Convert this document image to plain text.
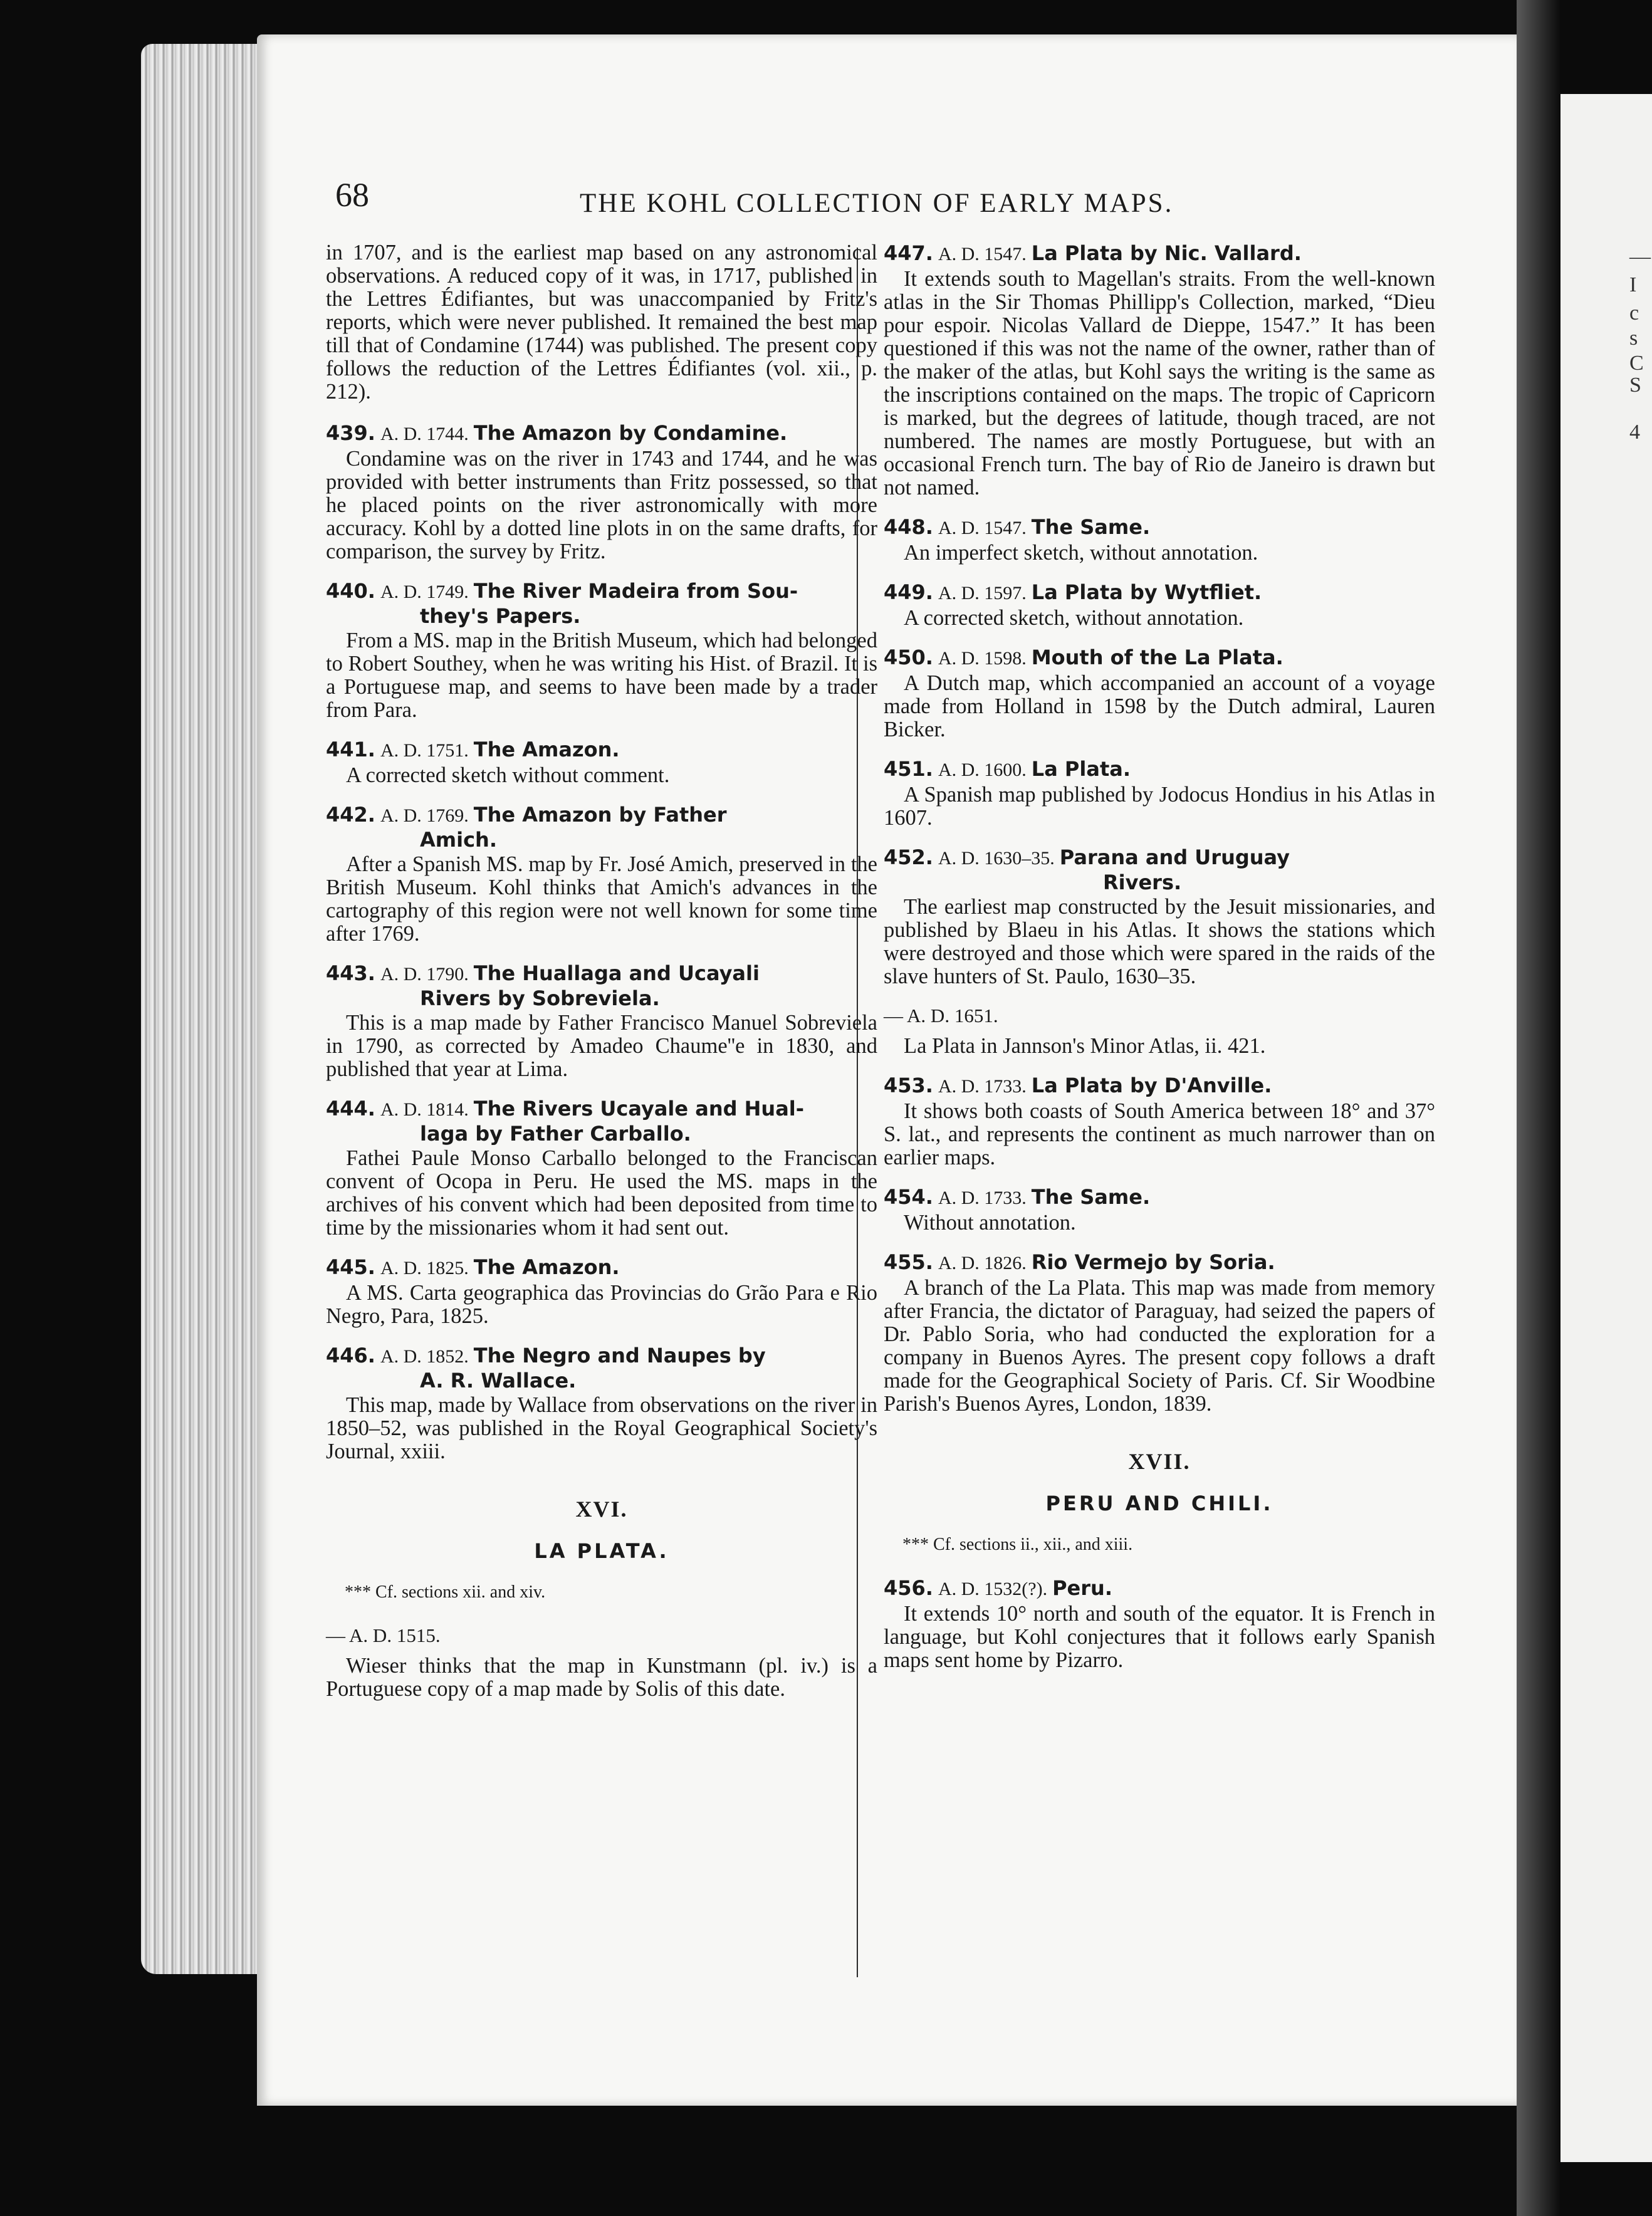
—
I
c
s
C
S
4
68	THE KOHL COLLECTION OF EARLY MAPS.

in 1707, and is the earliest map based on any astronomical observations. A reduced copy of it was, in 1717, published in the Lettres Édifiantes, but was unaccompanied by Fritz's reports, which were never published. It remained the best map till that of Condamine (1744) was published. The present copy follows the reduction of the Lettres Édifiantes (vol. xii., p. 212).

439. A. D. 1744. The Amazon by Condamine.

Condamine was on the river in 1743 and 1744, and he was provided with better instruments than Fritz possessed, so that he placed points on the river astronomically with more accuracy. Kohl by a dotted line plots in on the same drafts, for comparison, the survey by Fritz.

440. A. D. 1749. The River Madeira from Sou-
they's Papers.

From a MS. map in the British Museum, which had belonged to Robert Southey, when he was writing his Hist. of Brazil. It is a Portuguese map, and seems to have been made by a trader from Para.

441. A. D. 1751. The Amazon.

A corrected sketch without comment.

442. A. D. 1769. The Amazon by Father
Amich.

After a Spanish MS. map by Fr. José Amich, preserved in the British Museum. Kohl thinks that Amich's advances in the cartography of this region were not well known for some time after 1769.

443. A. D. 1790. The Huallaga and Ucayali
Rivers by Sobreviela.

This is a map made by Father Francisco Manuel Sobreviela in 1790, as corrected by Amadeo Chaume''e in 1830, and published that year at Lima.

444. A. D. 1814. The Rivers Ucayale and Hual-
laga by Father Carballo.

Fathei Paule Monso Carballo belonged to the Franciscan convent of Ocopa in Peru. He used the MS. maps in the archives of his convent which had been deposited from time to time by the missionaries whom it had sent out.

445. A. D. 1825. The Amazon.

A MS. Carta geographica das Provincias do Grão Para e Rio Negro, Para, 1825.

446. A. D. 1852. The Negro and Naupes by
A. R. Wallace.

This map, made by Wallace from observations on the river in 1850–52, was published in the Royal Geographical Society's Journal, xxiii.

XVI.
LA PLATA.
*** Cf. sections xii. and xiv.
— A. D. 1515.

Wieser thinks that the map in Kunstmann (pl. iv.) is a Portuguese copy of a map made by Solis of this date.

447. A. D. 1547. La Plata by Nic. Vallard.

It extends south to Magellan's straits. From the well-known atlas in the Sir Thomas Phillipp's Collection, marked, “Dieu pour espoir. Nicolas Vallard de Dieppe, 1547.” It has been questioned if this was not the name of the owner, rather than of the maker of the atlas, but Kohl says the writing is the same as the inscriptions contained on the maps. The tropic of Capricorn is marked, but the degrees of latitude, though traced, are not numbered. The names are mostly Portuguese, but with an occasional French turn. The bay of Rio de Janeiro is drawn but not named.

448. A. D. 1547. The Same.

An imperfect sketch, without annotation.

449. A. D. 1597. La Plata by Wytfliet.

A corrected sketch, without annotation.

450. A. D. 1598. Mouth of the La Plata.

A Dutch map, which accompanied an account of a voyage made from Holland in 1598 by the Dutch admiral, Lauren Bicker.

451. A. D. 1600. La Plata.

A Spanish map published by Jodocus Hondius in his Atlas in 1607.

452. A. D. 1630–35. Parana and Uruguay
Rivers.

The earliest map constructed by the Jesuit missionaries, and published by Blaeu in his Atlas. It shows the stations which were destroyed and those which were spared in the raids of the slave hunters of St. Paulo, 1630–35.

— A. D. 1651.

La Plata in Jannson's Minor Atlas, ii. 421.

453. A. D. 1733. La Plata by D'Anville.

It shows both coasts of South America between 18° and 37° S. lat., and represents the continent as much narrower than on earlier maps.

454. A. D. 1733. The Same.

Without annotation.

455. A. D. 1826. Rio Vermejo by Soria.

A branch of the La Plata. This map was made from memory after Francia, the dictator of Paraguay, had seized the papers of Dr. Pablo Soria, who had conducted the exploration for a company in Buenos Ayres. The present copy follows a draft made for the Geographical Society of Paris. Cf. Sir Woodbine Parish's Buenos Ayres, London, 1839.

XVII.
PERU AND CHILI.
*** Cf. sections ii., xii., and xiii.
456. A. D. 1532(?). Peru.

It extends 10° north and south of the equator. It is French in language, but Kohl conjectures that it follows early Spanish maps sent home by Pizarro.
